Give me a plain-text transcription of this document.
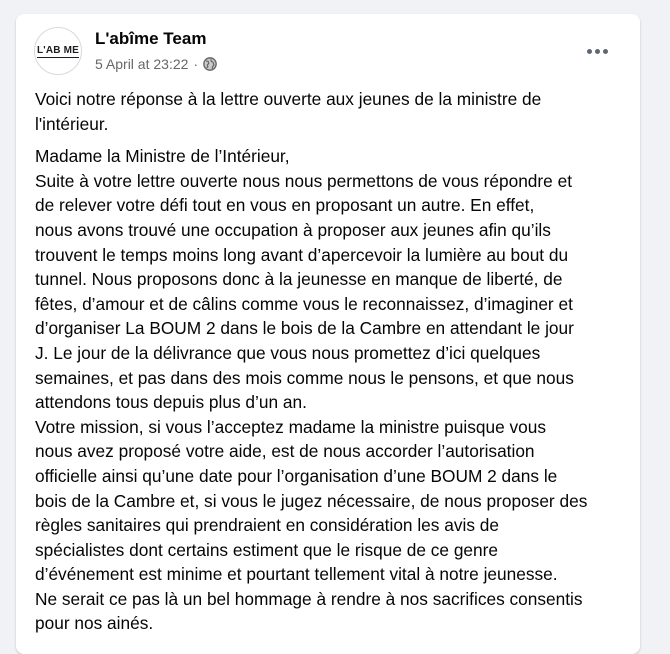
L'AB ME
L'abîme Team
5 April at 23:22 ·

Voici notre réponse à la lettre ouverte aux jeunes de la ministre de

l'intérieur.

Madame la Ministre de l’Intérieur,

Suite à votre lettre ouverte nous nous permettons de vous répondre et

de relever votre défi tout en vous en proposant un autre. En effet,

nous avons trouvé une occupation à proposer aux jeunes afin qu’ils

trouvent le temps moins long avant d’apercevoir la lumière au bout du

tunnel. Nous proposons donc à la jeunesse en manque de liberté, de

fêtes, d’amour et de câlins comme vous le reconnaissez, d’imaginer et

d’organiser La BOUM 2 dans le bois de la Cambre en attendant le jour

J. Le jour de la délivrance que vous nous promettez d’ici quelques

semaines, et pas dans des mois comme nous le pensons, et que nous

attendons tous depuis plus d’un an.

Votre mission, si vous l’acceptez madame la ministre puisque vous

nous avez proposé votre aide, est de nous accorder l’autorisation

officielle ainsi qu’une date pour l’organisation d’une BOUM 2 dans le

bois de la Cambre et, si vous le jugez nécessaire, de nous proposer des

règles sanitaires qui prendraient en considération les avis de

spécialistes dont certains estiment que le risque de ce genre

d’événement est minime et pourtant tellement vital à notre jeunesse.

Ne serait ce pas là un bel hommage à rendre à nos sacrifices consentis

pour nos ainés.
